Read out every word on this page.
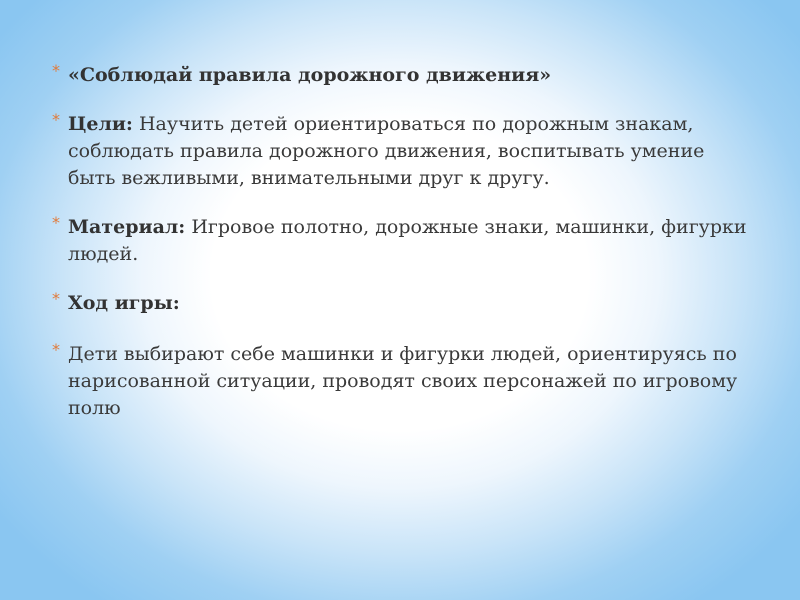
* «Соблюдай правила дорожного движения»
* Цели: Научить детей ориентироваться по дорожным знакам, соблюдать правила дорожного движения, воспитывать умение быть вежливыми, внимательными друг к другу.
* Материал: Игровое полотно, дорожные знаки, машинки, фигурки людей.
* Ход игры:
* Дети выбирают себе машинки и фигурки людей, ориентируясь по нарисованной ситуации, проводят своих персонажей по игровому полю
